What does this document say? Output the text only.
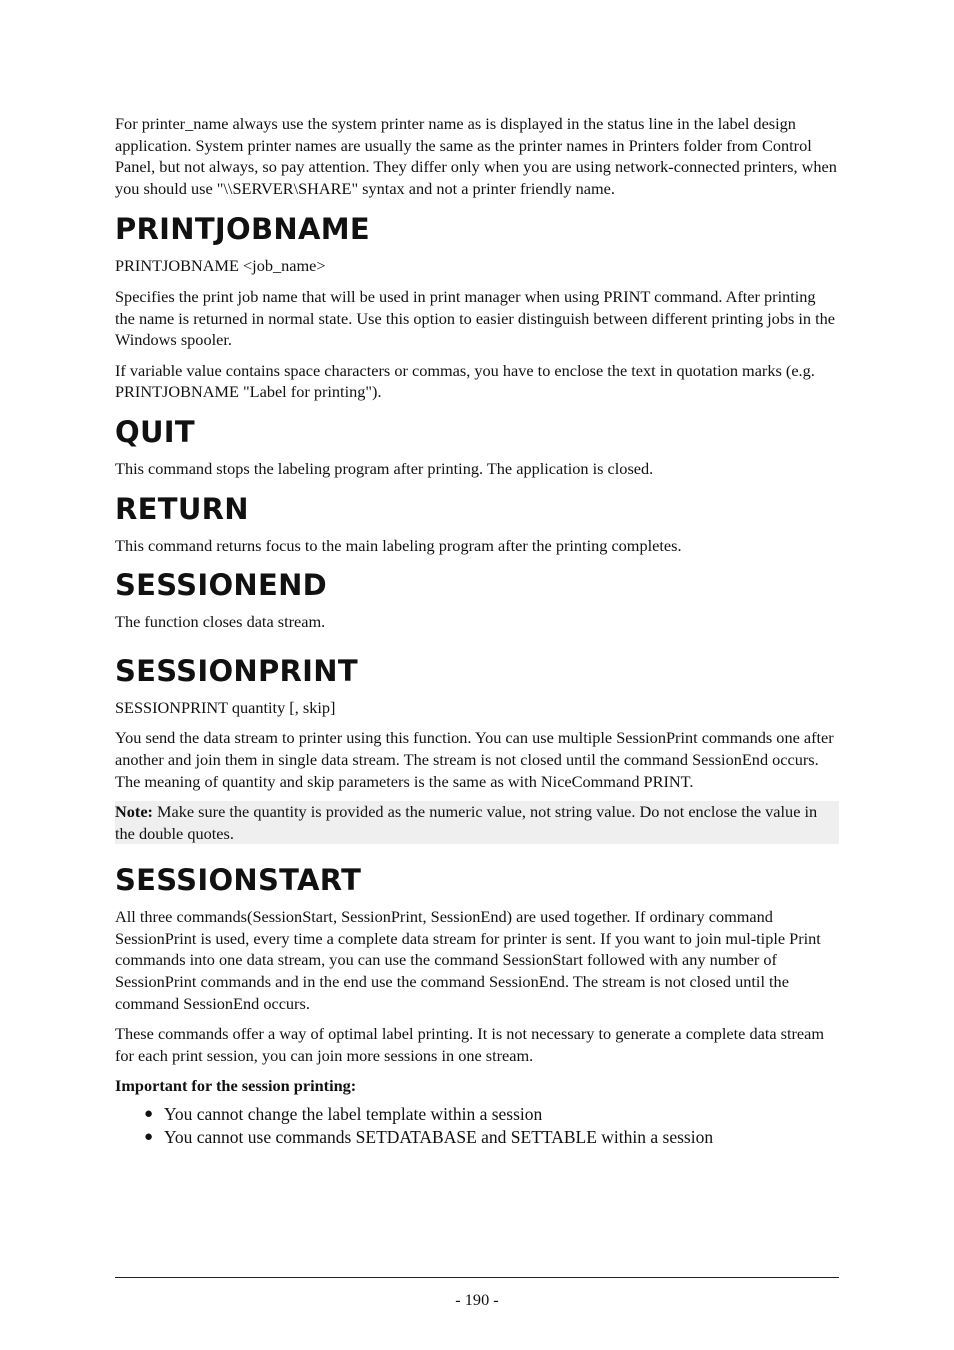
For printer_name always use the system printer name as is displayed in the status line in the label design application. System printer names are usually the same as the printer names in Printers folder from Control Panel, but not always, so pay attention. They differ only when you are using network-connected printers, when you should use "\\SERVER\SHARE" syntax and not a printer friendly name.

PRINTJOBNAME

PRINTJOBNAME <job_name>

Specifies the print job name that will be used in print manager when using PRINT command. After printing the name is returned in normal state. Use this option to easier distinguish between different printing jobs in the Windows spooler.

If variable value contains space characters or commas, you have to enclose the text in quotation marks (e.g. PRINTJOBNAME "Label for printing").

QUIT

This command stops the labeling program after printing. The application is closed.

RETURN

This command returns focus to the main labeling program after the printing completes.

SESSIONEND

The function closes data stream.

SESSIONPRINT

SESSIONPRINT quantity [, skip]

You send the data stream to printer using this function. You can use multiple SessionPrint commands one after another and join them in single data stream. The stream is not closed until the command SessionEnd occurs. The meaning of quantity and skip parameters is the same as with NiceCommand PRINT.

Note: Make sure the quantity is provided as the numeric value, not string value. Do not enclose the value in the double quotes.

SESSIONSTART

All three commands(SessionStart, SessionPrint, SessionEnd) are used together. If ordinary command SessionPrint is used, every time a complete data stream for printer is sent. If you want to join mul-tiple Print commands into one data stream, you can use the command SessionStart followed with any number of SessionPrint commands and in the end use the command SessionEnd. The stream is not closed until the command SessionEnd occurs.

These commands offer a way of optimal label printing. It is not necessary to generate a complete data stream for each print session, you can join more sessions in one stream.

Important for the session printing:

● You cannot change the label template within a session
● You cannot use commands SETDATABASE and SETTABLE within a session
- 190 -
